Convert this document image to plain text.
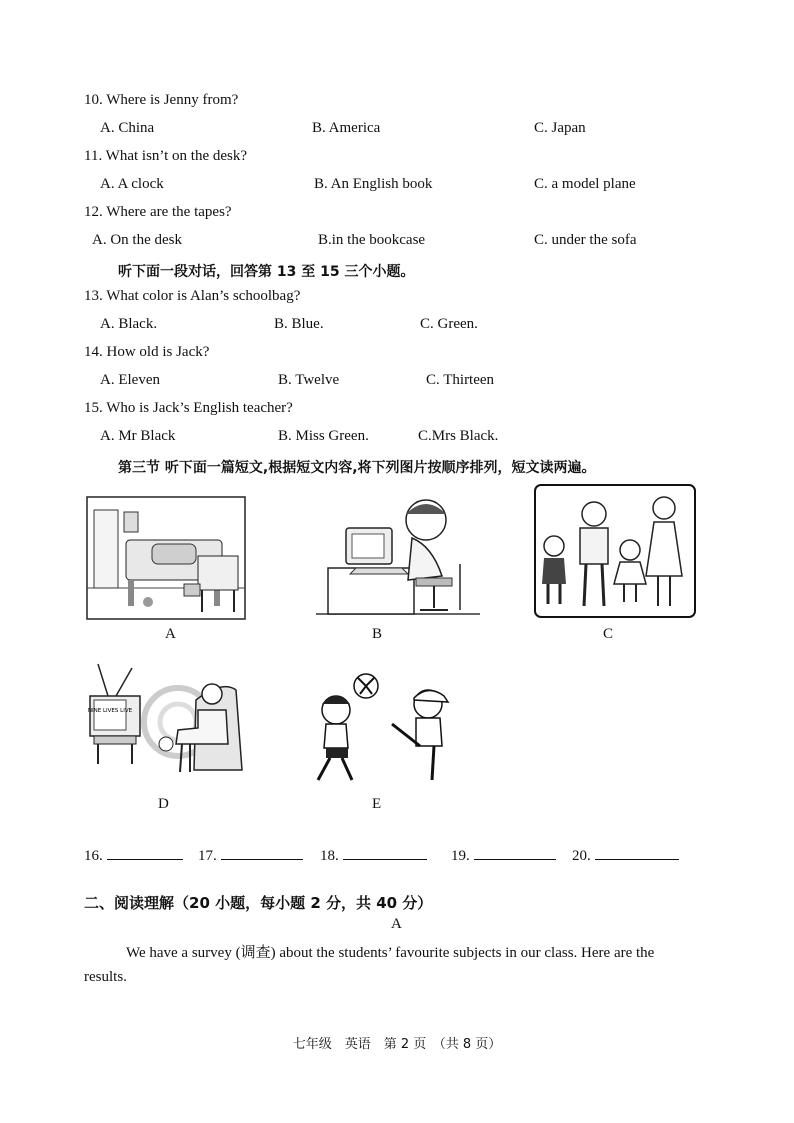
10. Where is Jenny from?
A. China	B. America	C. Japan
11. What isn’t on the desk?
A. A clock	B. An English book	C. a model plane
12. Where are the tapes?
A. On the desk	B.in the bookcase	C. under the sofa
听下面一段对话，回答第 13 至 15 三个小题。
13. What color is Alan’s schoolbag?
A. Black.	B. Blue.	C. Green.
14. How old is Jack?
A. Eleven	B. Twelve	C. Thirteen
15. Who is Jack’s English teacher?
A. Mr Black	B. Miss Green.	C.Mrs Black.
第三节 听下面一篇短文,根据短文内容,将下列图片按顺序排列，短文读两遍。
A	B	C
NINE LIVES LIVE
D	E
16.	17.	18.	19.	20.
二、阅读理解（20 小题，每小题 2 分，共 40 分）
A
We have a survey (调查) about the students’ favourite subjects in our class. Here are the
results.
七年级　英语　第 2 页　（共 8 页）
